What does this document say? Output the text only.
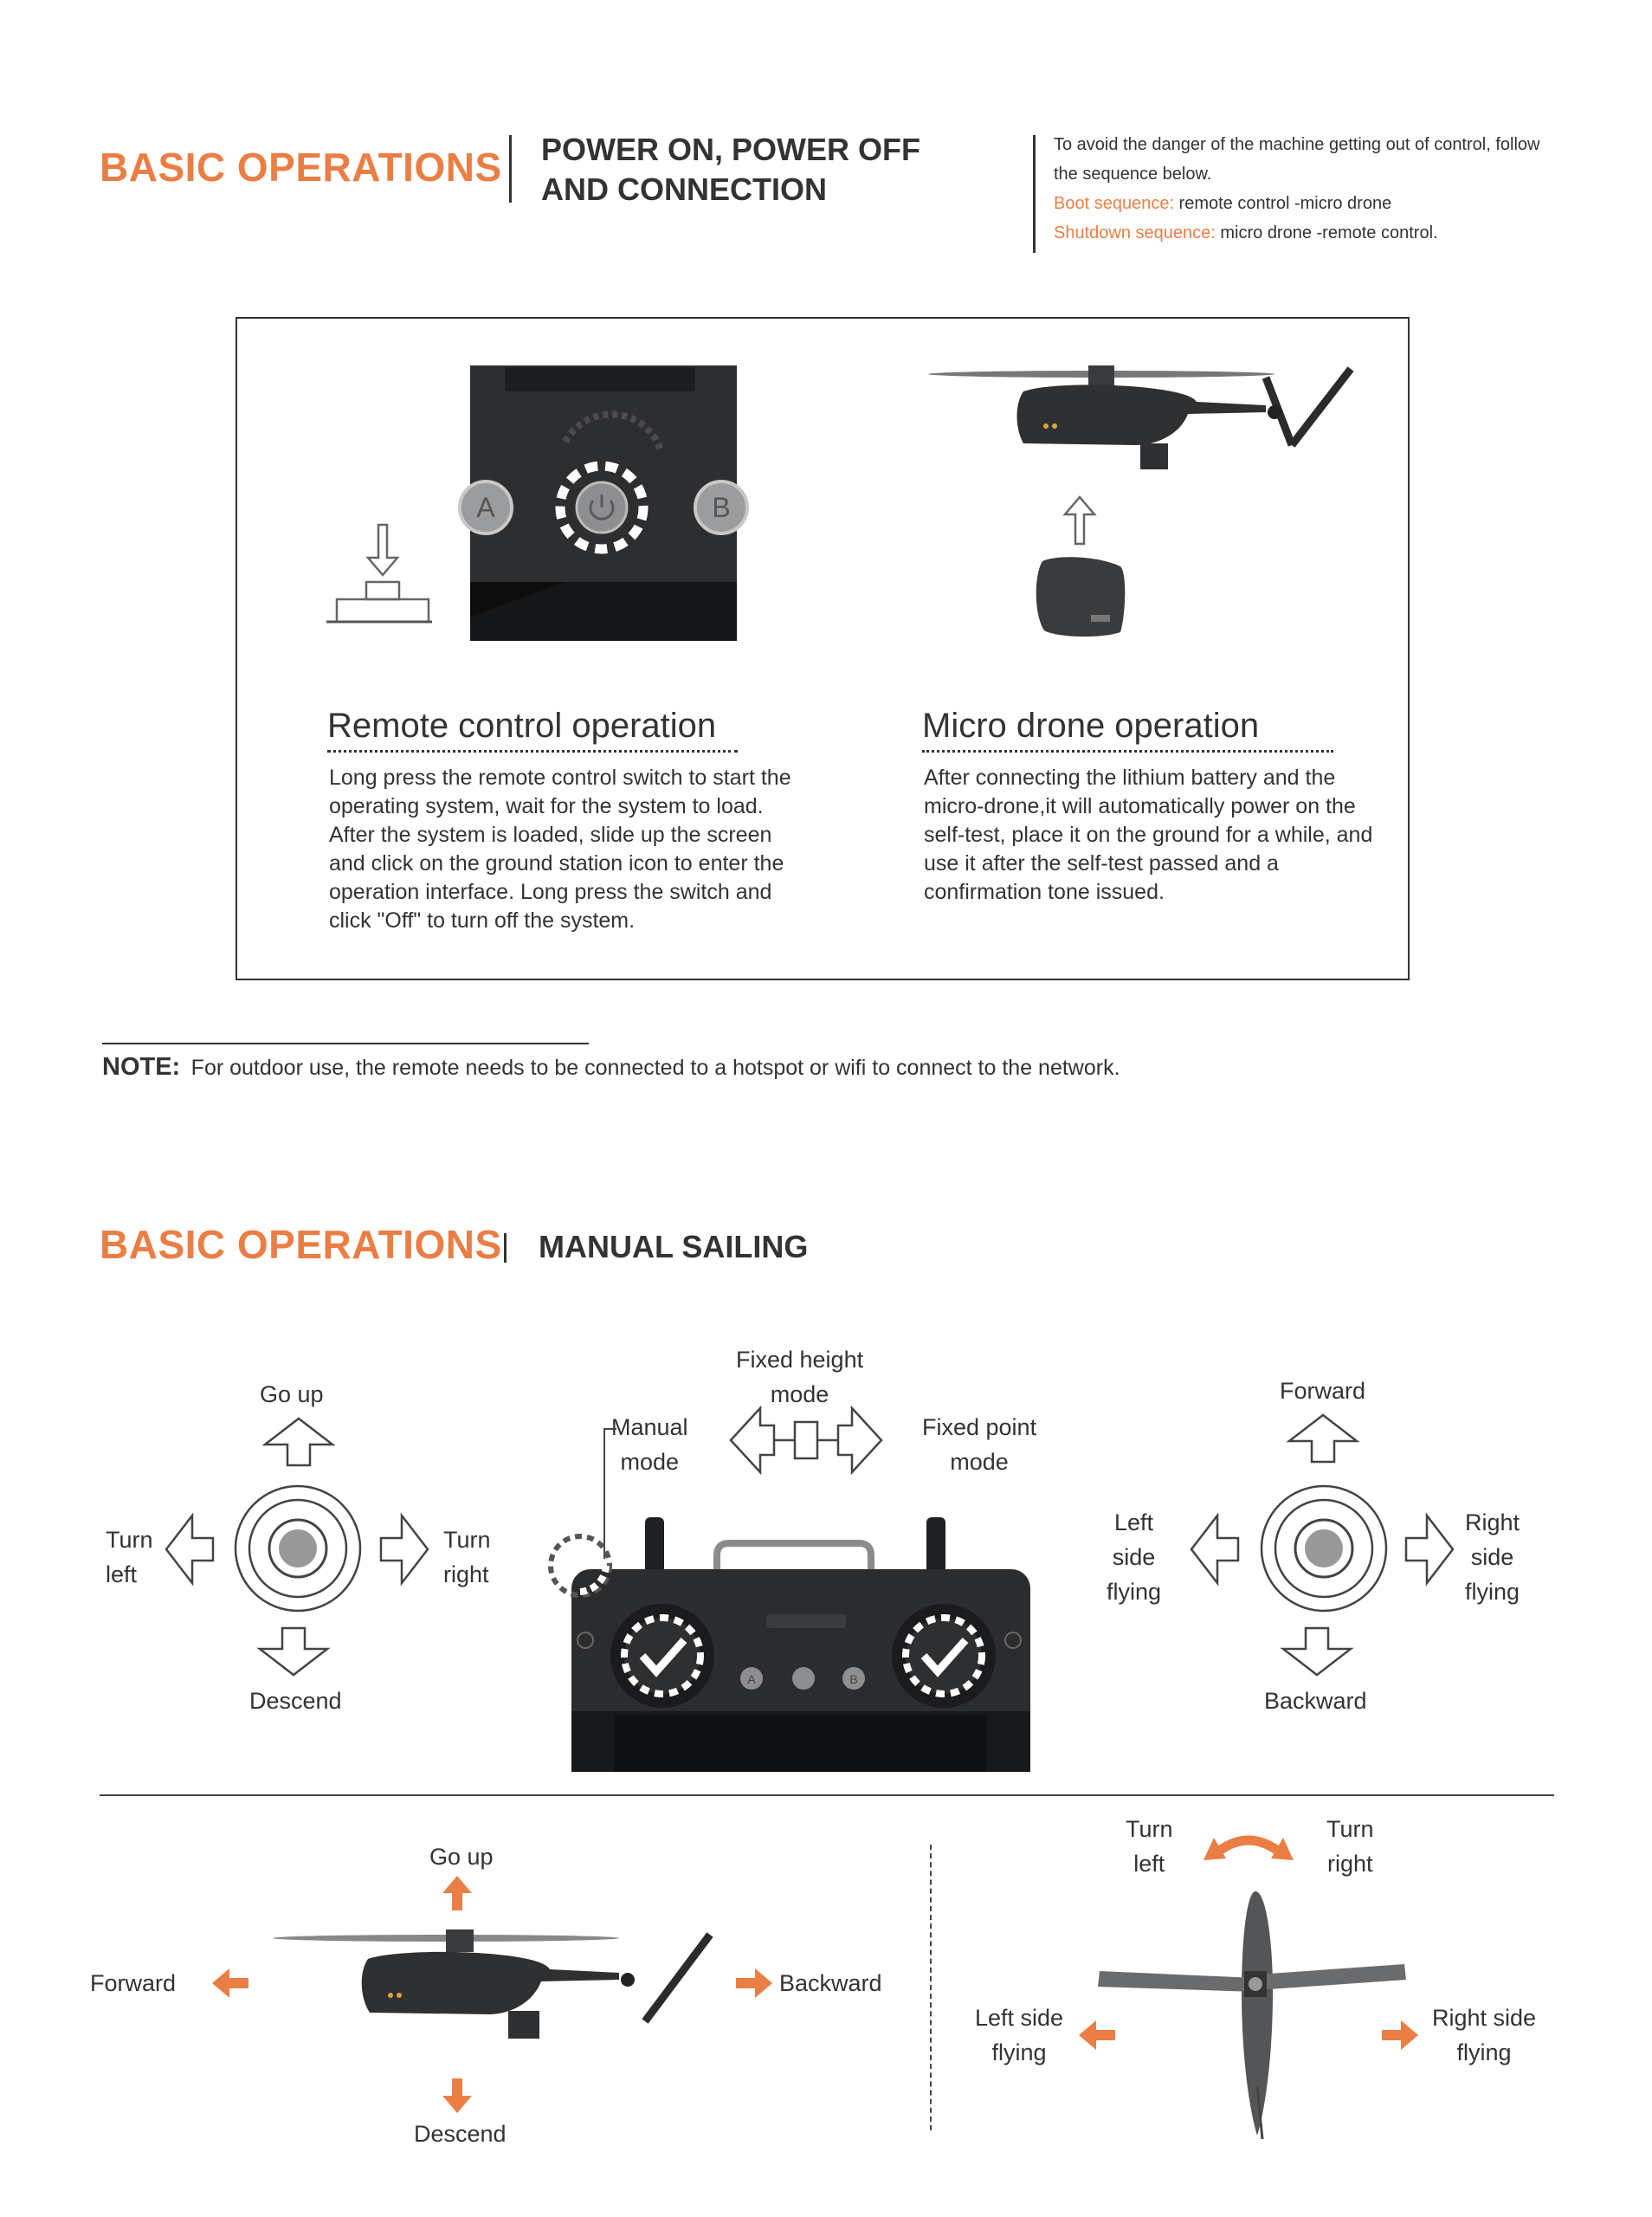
BASIC OPERATIONS POWER ON, POWER OFF
AND CONNECTION

To avoid the danger of the machine getting out of control, follow

the sequence below.

Boot sequence: remote control -micro drone

Shutdown sequence: micro drone -remote control.

A	B
Remote control operation
Long press the remote control switch to start the operating system, wait for the system to load. After the system is loaded, slide up the screen and click on the ground station icon to enter the operation interface. Long press the switch and click "Off" to turn off the system.
Micro drone operation
After connecting the lithium battery and the micro-drone,it will automatically power on the self-test, place it on the ground for a while, and use it after the self-test passed and a confirmation tone issued.
NOTE: For outdoor use, the remote needs to be connected to a hotspot or wifi to connect to the network.
BASIC OPERATIONS MANUAL SAILING
Go up
Descend
Turn
left
Turn
right
Fixed height
mode
Manual
mode
Fixed point
mode
A	B
Forward
Backward
Left
side
flying
Right
side
flying
Go up
Descend
Forward	Backward
Turn
left
Turn
right
Left side
flying
Right side
flying
